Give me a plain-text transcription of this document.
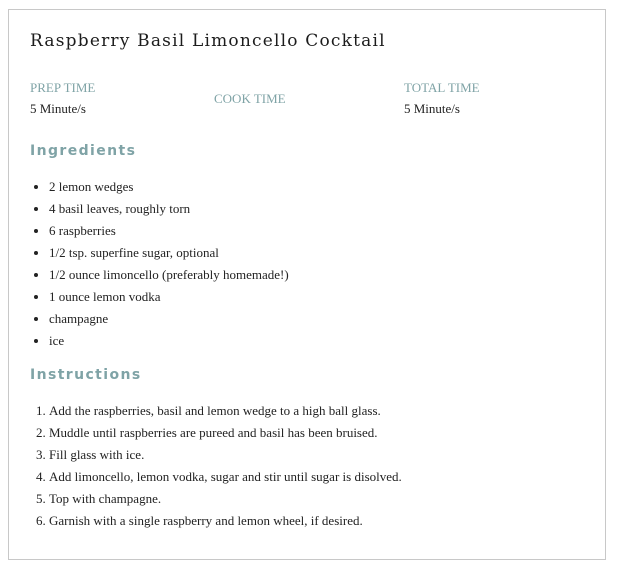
Raspberry Basil Limoncello Cocktail
PREP TIME
5 Minute/s
COOK TIME
TOTAL TIME
5 Minute/s
Ingredients
• 2 lemon wedges
• 4 basil leaves, roughly torn
• 6 raspberries
• 1/2 tsp. superfine sugar, optional
• 1/2 ounce limoncello (preferably homemade!)
• 1 ounce lemon vodka
• champagne
• ice
Instructions
1. Add the raspberries, basil and lemon wedge to a high ball glass.
2. Muddle until raspberries are pureed and basil has been bruised.
3. Fill glass with ice.
4. Add limoncello, lemon vodka, sugar and stir until sugar is disolved.
5. Top with champagne.
6. Garnish with a single raspberry and lemon wheel, if desired.
